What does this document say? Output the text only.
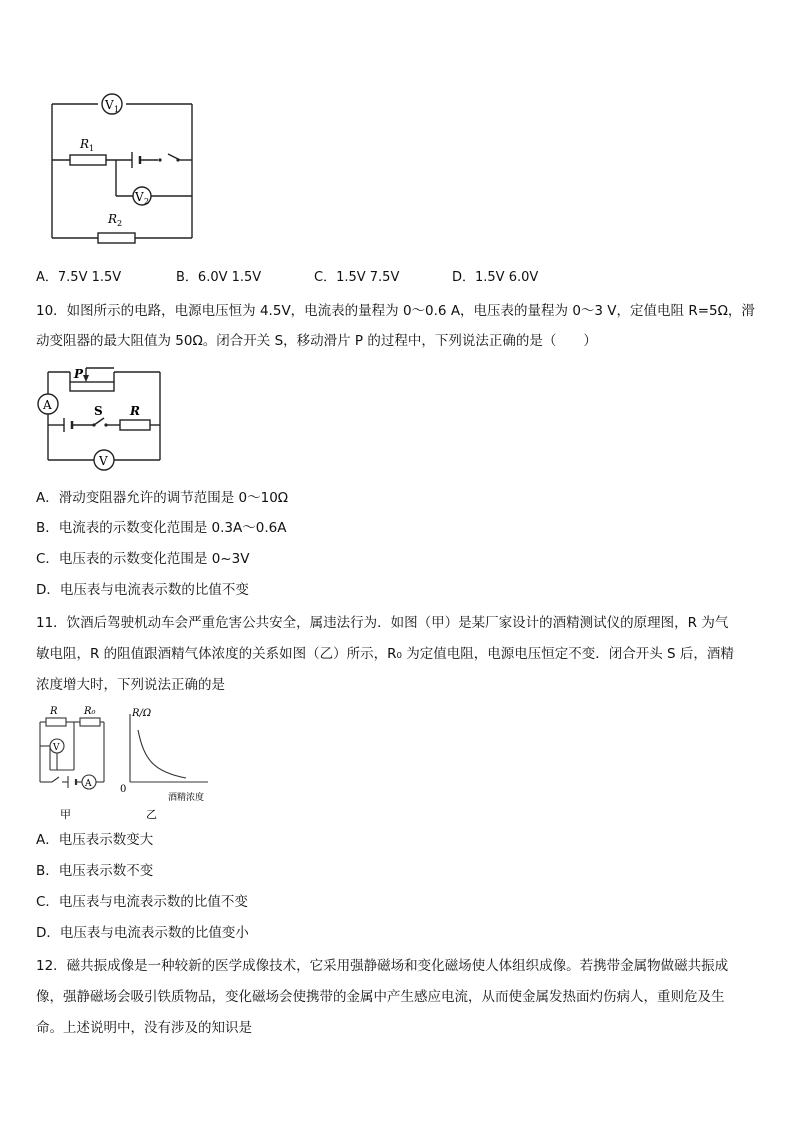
V 1
R 1
V 2
R 2
A．7.5V 1.5V	B．6.0V 1.5V	C．1.5V 7.5V	D．1.5V 6.0V
10．如图所示的电路，电源电压恒为 4.5V，电流表的量程为 0～0.6 A，电压表的量程为 0～3 V，定值电阻 R=5Ω，滑
动变阻器的最大阻值为 50Ω。闭合开关 S，移动滑片 P 的过程中，下列说法正确的是（　　）
P
A	S R
V
A．滑动变阻器允许的调节范围是 0～10Ω
B．电流表的示数变化范围是 0.3A～0.6A
C．电压表的示数变化范围是 0~3V
D．电压表与电流表示数的比值不变
11．饮酒后驾驶机动车会严重危害公共安全，属违法行为．如图（甲）是某厂家设计的酒精测试仪的原理图，R 为气
敏电阻，R 的阻值跟酒精气体浓度的关系如图（乙）所示，R₀ 为定值电阻，电源电压恒定不变．闭合开头 S 后，酒精
浓度增大时，下列说法正确的是
R	R₀
V
A
甲
R/Ω
0
酒精浓度
乙
A．电压表示数变大
B．电压表示数不变
C．电压表与电流表示数的比值不变
D．电压表与电流表示数的比值变小
12．磁共振成像是一种较新的医学成像技术，它采用强静磁场和变化磁场使人体组织成像。若携带金属物做磁共振成
像，强静磁场会吸引铁质物品，变化磁场会使携带的金属中产生感应电流，从而使金属发热面灼伤病人，重则危及生
命。上述说明中，没有涉及的知识是
